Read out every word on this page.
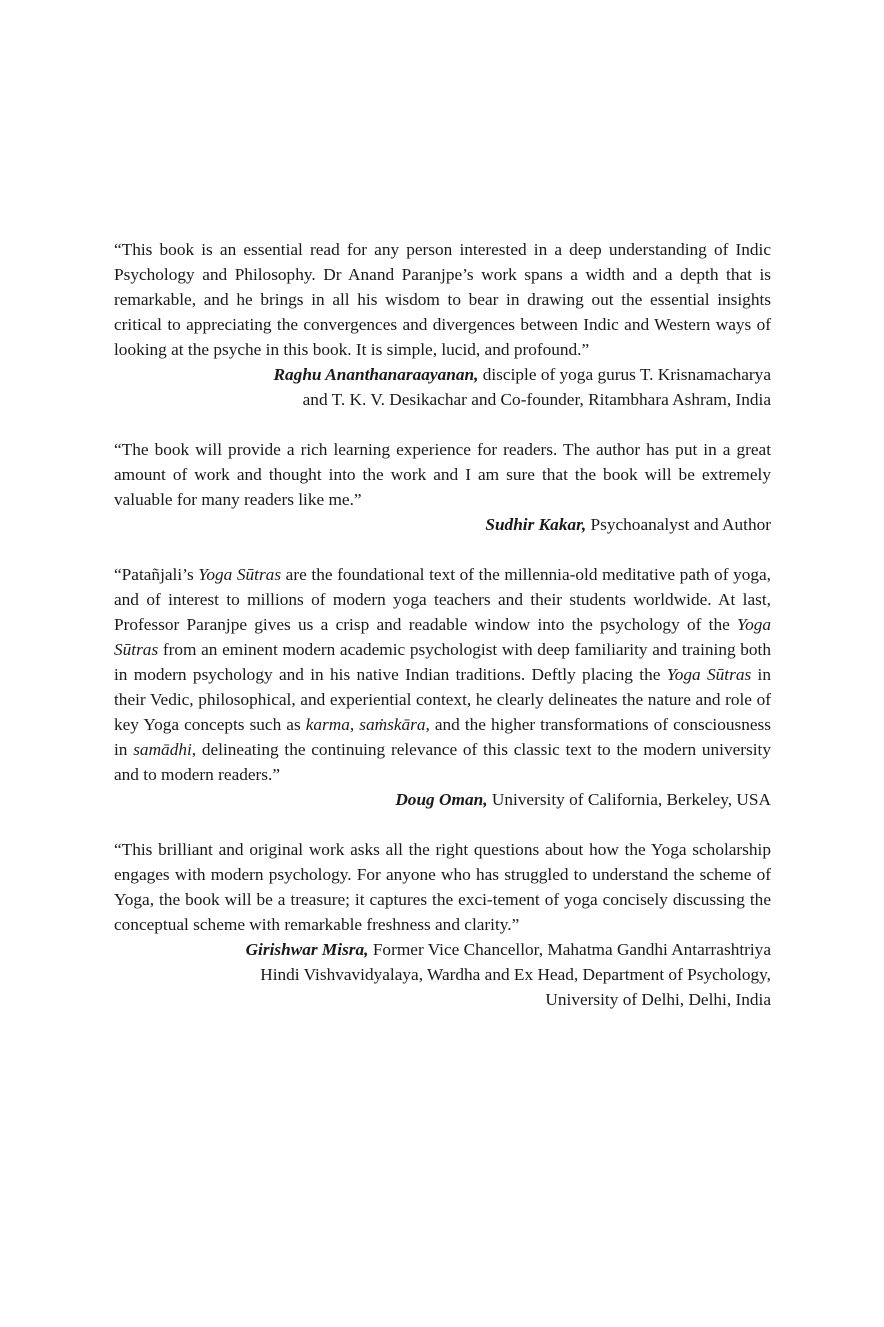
“This book is an essential read for any person interested in a deep understanding of Indic Psychology and Philosophy. Dr Anand Paranjpe’s work spans a width and a depth that is remarkable, and he brings in all his wisdom to bear in drawing out the essential insights critical to appreciating the convergences and divergences between Indic and Western ways of looking at the psyche in this book. It is simple, lucid, and profound.”

Raghu Ananthanaraayanan, disciple of yoga gurus T. Krisnamacharya

and T. K. V. Desikachar and Co-founder, Ritambhara Ashram, India

“The book will provide a rich learning experience for readers. The author has put in a great amount of work and thought into the work and I am sure that the book will be extremely valuable for many readers like me.”

Sudhir Kakar, Psychoanalyst and Author

“Patañjali’s Yoga Sūtras are the foundational text of the millennia-old meditative path of yoga, and of interest to millions of modern yoga teachers and their students worldwide. At last, Professor Paranjpe gives us a crisp and readable window into the psychology of the Yoga Sūtras from an eminent modern academic psychologist with deep familiarity and training both in modern psychology and in his native Indian traditions. Deftly placing the Yoga Sūtras in their Vedic, philosophical, and experiential context, he clearly delineates the nature and role of key Yoga concepts such as karma, saṁskāra, and the higher transformations of consciousness in samādhi, delineating the continuing relevance of this classic text to the modern university and to modern readers.”

Doug Oman, University of California, Berkeley, USA

“This brilliant and original work asks all the right questions about how the Yoga scholarship engages with modern psychology. For anyone who has struggled to understand the scheme of Yoga, the book will be a treasure; it captures the exci-tement of yoga concisely discussing the conceptual scheme with remarkable freshness and clarity.”

Girishwar Misra, Former Vice Chancellor, Mahatma Gandhi Antarrashtriya

Hindi Vishvavidyalaya, Wardha and Ex Head, Department of Psychology,

University of Delhi, Delhi, India
